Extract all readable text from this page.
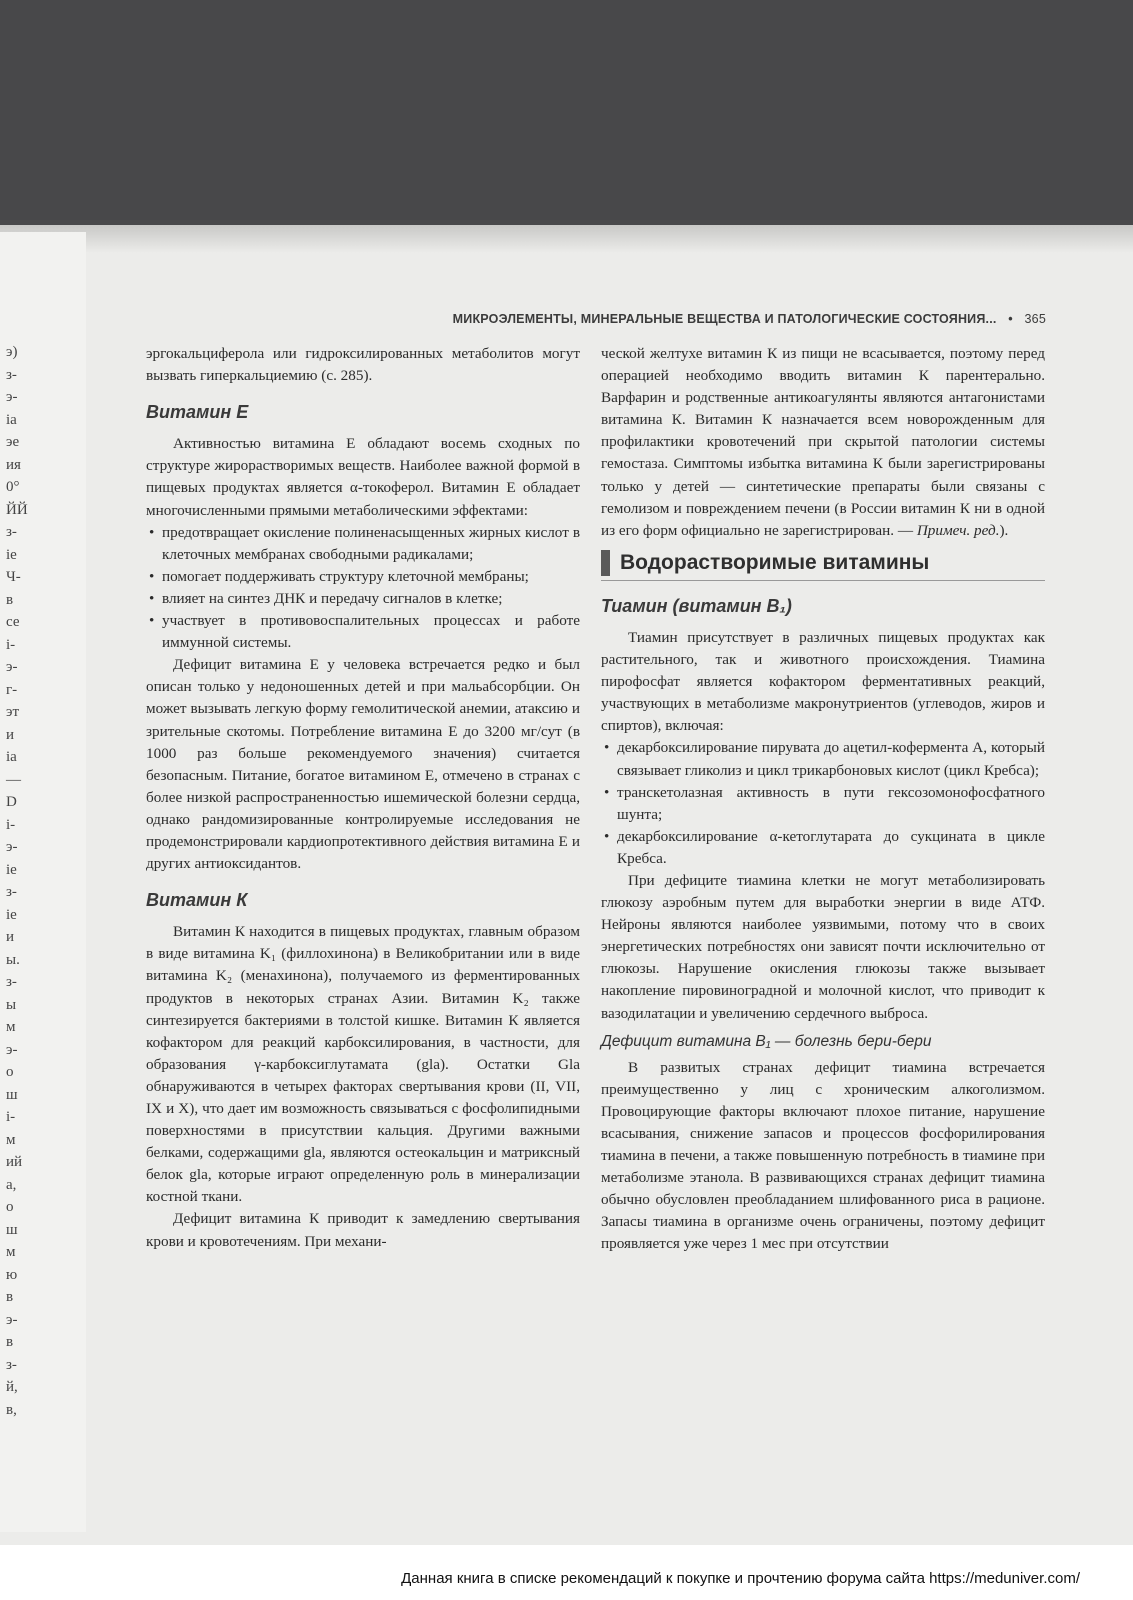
э)
з-
э-
ia
эе
ия
0°
ЙЙ
з-
ie
Ч-
в
се
i-
э-
г-
эт
и
ia
—
D
i-
э-
ie
з-
ie
и
ы.
з-
ы
м
э-
о
ш
i-
м
ий
а,
о
ш
м
ю
в
э-
в
з-
й,
в,
МИКРОЭЛЕМЕНТЫ, МИНЕРАЛЬНЫЕ ВЕЩЕСТВА И ПАТОЛОГИЧЕСКИЕ СОСТОЯНИЯ... • 365

эргокальциферола или гидроксилированных метаболитов могут вызвать гиперкальциемию (с. 285).

Витамин Е

Активностью витамина Е обладают восемь сходных по структуре жирорастворимых веществ. Наиболее важной формой в пищевых продуктах является α-токоферол. Витамин Е обладает многочисленными прямыми метаболическими эффектами:

• предотвращает окисление полиненасыщенных жирных кислот в клеточных мембранах свободными радикалами;
• помогает поддерживать структуру клеточной мембраны;
• влияет на синтез ДНК и передачу сигналов в клетке;
• участвует в противовоспалительных процессах и работе иммунной системы.

Дефицит витамина Е у человека встречается редко и был описан только у недоношенных детей и при мальабсорбции. Он может вызывать легкую форму гемолитической анемии, атаксию и зрительные скотомы. Потребление витамина Е до 3200 мг/сут (в 1000 раз больше рекомендуемого значения) считается безопасным. Питание, богатое витамином Е, отмечено в странах с более низкой распространенностью ишемической болезни сердца, однако рандомизированные контролируемые исследования не продемонстрировали кардиопротективного действия витамина Е и других антиоксидантов.

Витамин К

Витамин К находится в пищевых продуктах, главным образом в виде витамина K₁ (филлохинона) в Великобритании или в виде витамина K₂ (менахинона), получаемого из ферментированных продуктов в некоторых странах Азии. Витамин K₂ также синтезируется бактериями в толстой кишке. Витамин К является кофактором для реакций карбоксилирования, в частности, для образования γ-карбоксиглутамата (gla). Остатки Gla обнаруживаются в четырех факторах свертывания крови (II, VII, IX и X), что дает им возможность связываться с фосфолипидными поверхностями в присутствии кальция. Другими важными белками, содержащими gla, являются остеокальцин и матриксный белок gla, которые играют определенную роль в минерализации костной ткани.

Дефицит витамина К приводит к замедлению свертывания крови и кровотечениям. При механи-

ческой желтухе витамин К из пищи не всасывается, поэтому перед операцией необходимо вводить витамин К парентерально. Варфарин и родственные антикоагулянты являются антагонистами витамина К. Витамин К назначается всем новорожденным для профилактики кровотечений при скрытой патологии системы гемостаза. Симптомы избытка витамина К были зарегистрированы только у детей — синтетические препараты были связаны с гемолизом и повреждением печени (в России витамин К ни в одной из его форм официально не зарегистрирован. — Примеч. ред.).

Водорастворимые витамины
Тиамин (витамин B₁)

Тиамин присутствует в различных пищевых продуктах как растительного, так и животного происхождения. Тиамина пирофосфат является кофактором ферментативных реакций, участвующих в метаболизме макронутриентов (углеводов, жиров и спиртов), включая:

• декарбоксилирование пирувата до ацетил-кофермента А, который связывает гликолиз и цикл трикарбоновых кислот (цикл Кребса);
• транскетолазная активность в пути гексозомонофосфатного шунта;
• декарбоксилирование α-кетоглутарата до сукцината в цикле Кребса.

При дефиците тиамина клетки не могут метаболизировать глюкозу аэробным путем для выработки энергии в виде АТФ. Нейроны являются наиболее уязвимыми, потому что в своих энергетических потребностях они зависят почти исключительно от глюкозы. Нарушение окисления глюкозы также вызывает накопление пировиноградной и молочной кислот, что приводит к вазодилатации и увеличению сердечного выброса.

Дефицит витамина B₁ — болезнь бери-бери

В развитых странах дефицит тиамина встречается преимущественно у лиц с хроническим алкоголизмом. Провоцирующие факторы включают плохое питание, нарушение всасывания, снижение запасов и процессов фосфорилирования тиамина в печени, а также повышенную потребность в тиамине при метаболизме этанола. В развивающихся странах дефицит тиамина обычно обусловлен преобладанием шлифованного риса в рационе. Запасы тиамина в организме очень ограничены, поэтому дефицит проявляется уже через 1 мес при отсутствии

Данная книга в списке рекомендаций к покупке и прочтению форума сайта https://meduniver.com/
